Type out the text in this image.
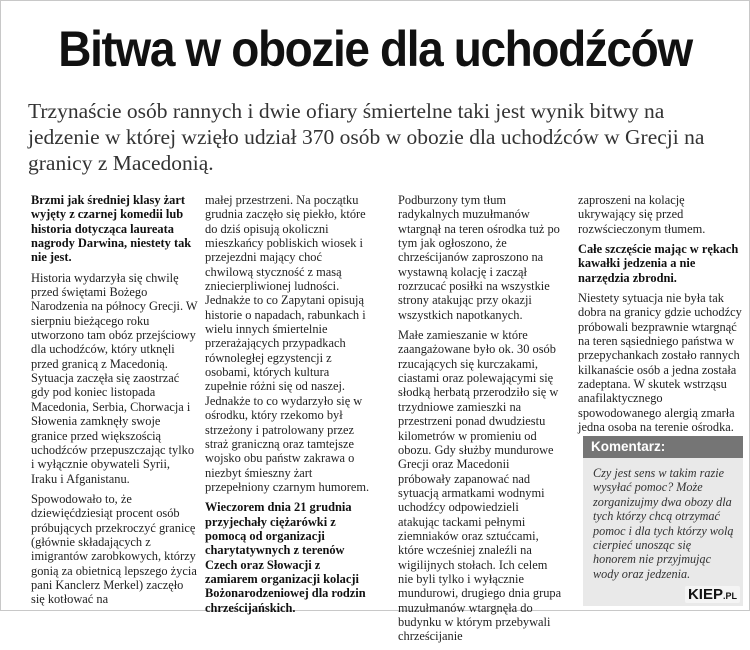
Bitwa w obozie dla uchodźców
Trzynaście osób rannych i dwie ofiary śmiertelne taki jest wynik bitwy na jedzenie w której wzięło udział 370 osób w obozie dla uchodźców w Grecji na granicy z Macedonią.

Brzmi jak średniej klasy żart wyjęty z czarnej komedii lub historia dotycząca laureata nagrody Darwina, niestety tak nie jest.

Historia wydarzyła się chwilę przed świętami Bożego Narodzenia na północy Grecji. W sierpniu bieżącego roku utworzono tam obóz przejściowy dla uchodźców, który utknęli przed granicą z Macedonią. Sytuacja zaczęła się zaostrzać gdy pod koniec listopada Macedonia, Serbia, Chorwacja i Słowenia zamknęły swoje granice przed większością uchodźców przepuszczając tylko i wyłącznie obywateli Syrii, Iraku i Afganistanu.

Spowodowało to, że dziewięćdziesiąt procent osób próbujących przekroczyć granicę (głównie składających z imigrantów zarobkowych, którzy gonią za obietnicą lepszego życia pani Kanclerz Merkel) zaczęło się kotłować na

małej przestrzeni. Na początku grudnia zaczęło się piekło, które do dziś opisują okoliczni mieszkańcy pobliskich wiosek i przejezdni mający choć chwilową styczność z masą zniecierpliwionej ludności. Jednakże to co Zapytani opisują historie o napadach, rabunkach i wielu innych śmiertelnie przerażających przypadkach równoległej egzystencji z osobami, których kultura zupełnie różni się od naszej. Jednakże to co wydarzyło się w ośrodku, który rzekomo był strzeżony i patrolowany przez straż graniczną oraz tamtejsze wojsko obu państw zakrawa o niezbyt śmieszny żart przepełniony czarnym humorem.

Wieczorem dnia 21 grudnia przyjechały ciężarówki z pomocą od organizacji charytatywnych z terenów Czech oraz Słowacji z zamiarem organizacji kolacji Bożonarodzeniowej dla rodzin chrześcijańskich.

Podburzony tym tłum radykalnych muzułmanów wtargnął na teren ośrodka tuż po tym jak ogłoszono, że chrześcijanów zaproszono na wystawną kolację i zaczął rozrzucać posiłki na wszystkie strony atakując przy okazji wszystkich napotkanych.

Małe zamieszanie w które zaangażowane było ok. 30 osób rzucających się kurczakami, ciastami oraz polewającymi się słodką herbatą przerodziło się w trzydniowe zamieszki na przestrzeni ponad dwudziestu kilometrów w promieniu od obozu. Gdy służby mundurowe Grecji oraz Macedonii próbowały zapanować nad sytuacją armatkami wodnymi uchodźcy odpowiedzieli atakując tackami pełnymi ziemniaków oraz sztućcami, które wcześniej znaleźli na wigilijnych stołach. Ich celem nie byli tylko i wyłącznie mundurowi, drugiego dnia grupa muzułmanów wtargnęła do budynku w którym przebywali chrześcijanie

zaproszeni na kolację ukrywający się przed rozwścieczonym tłumem.

Całe szczęście mając w rękach kawałki jedzenia a nie narzędzia zbrodni.

Niestety sytuacja nie była tak dobra na granicy gdzie uchodźcy próbowali bezprawnie wtargnąć na teren sąsiedniego państwa w przepychankach zostało rannych kilkanaście osób a jedna została zadeptana. W skutek wstrząsu anafilaktycznego spowodowanego alergią zmarła jedna osoba na terenie ośrodka.

Komentarz:
Czy jest sens w takim razie wysyłać pomoc? Może zorganizujmy dwa obozy dla tych którzy chcą otrzymać pomoc i dla tych którzy wolą cierpieć unosząc się honorem nie przyjmując wody oraz jedzenia.
KIEP.PL
